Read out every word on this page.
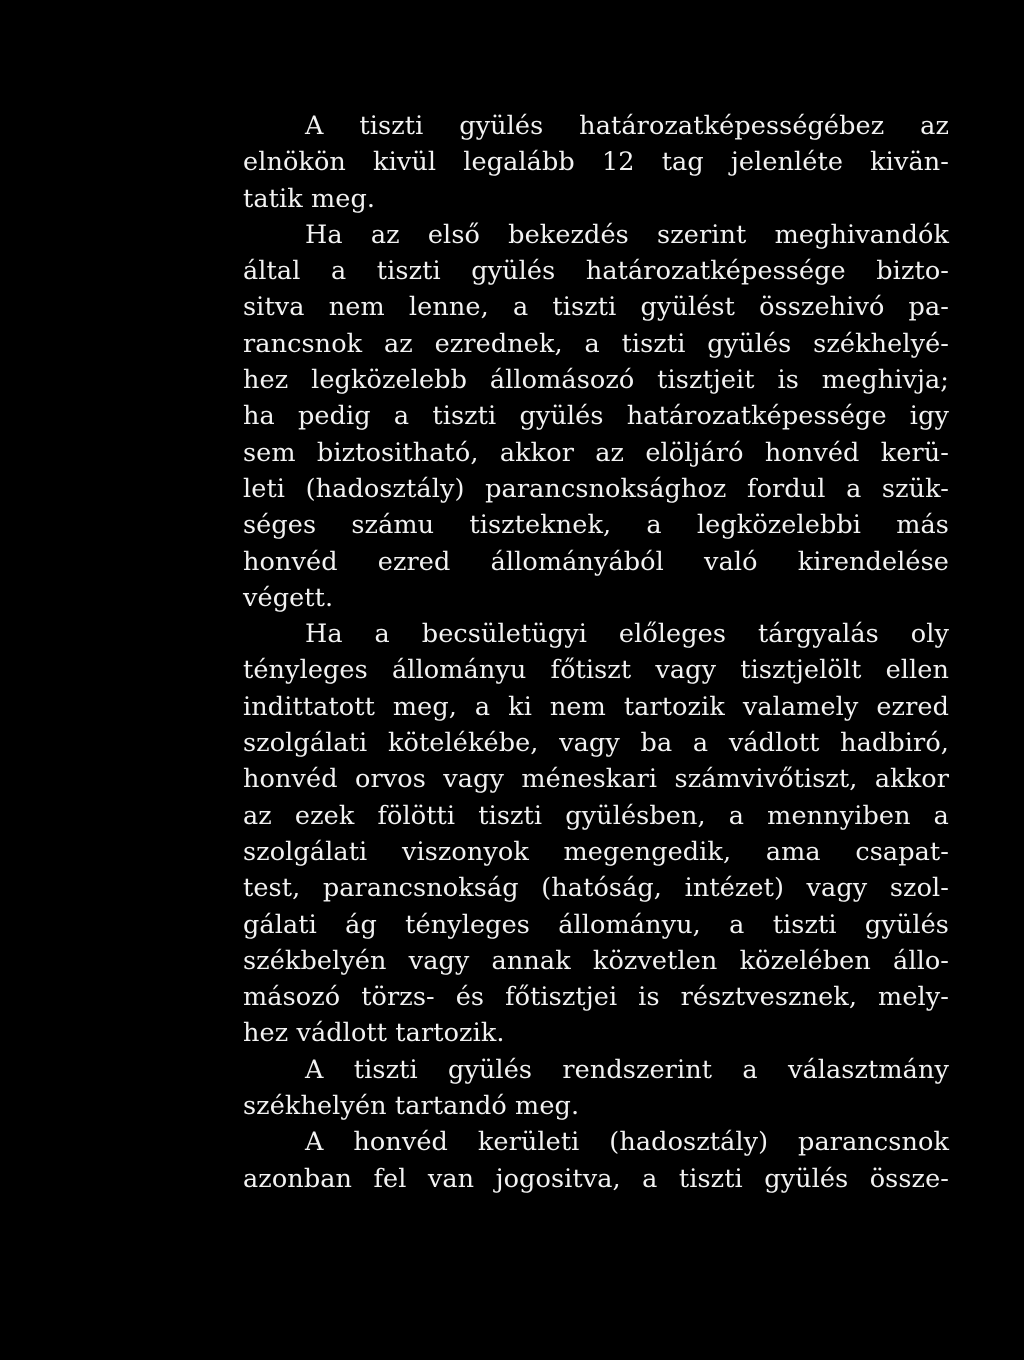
A tiszti gyülés határozatképességébez az
elnökön kivül legalább 12 tag jelenléte kivän-
tatik meg.
Ha az első bekezdés szerint meghivandók
által a tiszti gyülés határozatképessége bizto-
sitva nem lenne, a tiszti gyülést összehivó pa-
rancsnok az ezrednek, a tiszti gyülés székhelyé-
hez legközelebb állomásozó tisztjeit is meghivja;
ha pedig a tiszti gyülés határozatképessége igy
sem biztositható, akkor az elöljáró honvéd kerü-
leti (hadosztály) parancsnoksághoz fordul a szük-
séges számu tiszteknek, a legközelebbi más
honvéd ezred állományából való kirendelése
végett.
Ha a becsületügyi előleges tárgyalás oly
tényleges állományu főtiszt vagy tisztjelölt ellen
indittatott meg, a ki nem tartozik valamely ezred
szolgálati kötelékébe, vagy ba a vádlott hadbiró,
honvéd orvos vagy méneskari számvivőtiszt, akkor
az ezek fölötti tiszti gyülésben, a mennyiben a
szolgálati viszonyok megengedik, ama csapat-
test, parancsnokság (hatóság, intézet) vagy szol-
gálati ág tényleges állományu, a tiszti gyülés
székbelyén vagy annak közvetlen közelében állo-
másozó törzs- és főtisztjei is résztvesznek, mely-
hez vádlott tartozik.
A tiszti gyülés rendszerint a választmány
székhelyén tartandó meg.
A honvéd kerületi (hadosztály) parancsnok
azonban fel van jogositva, a tiszti gyülés össze-
